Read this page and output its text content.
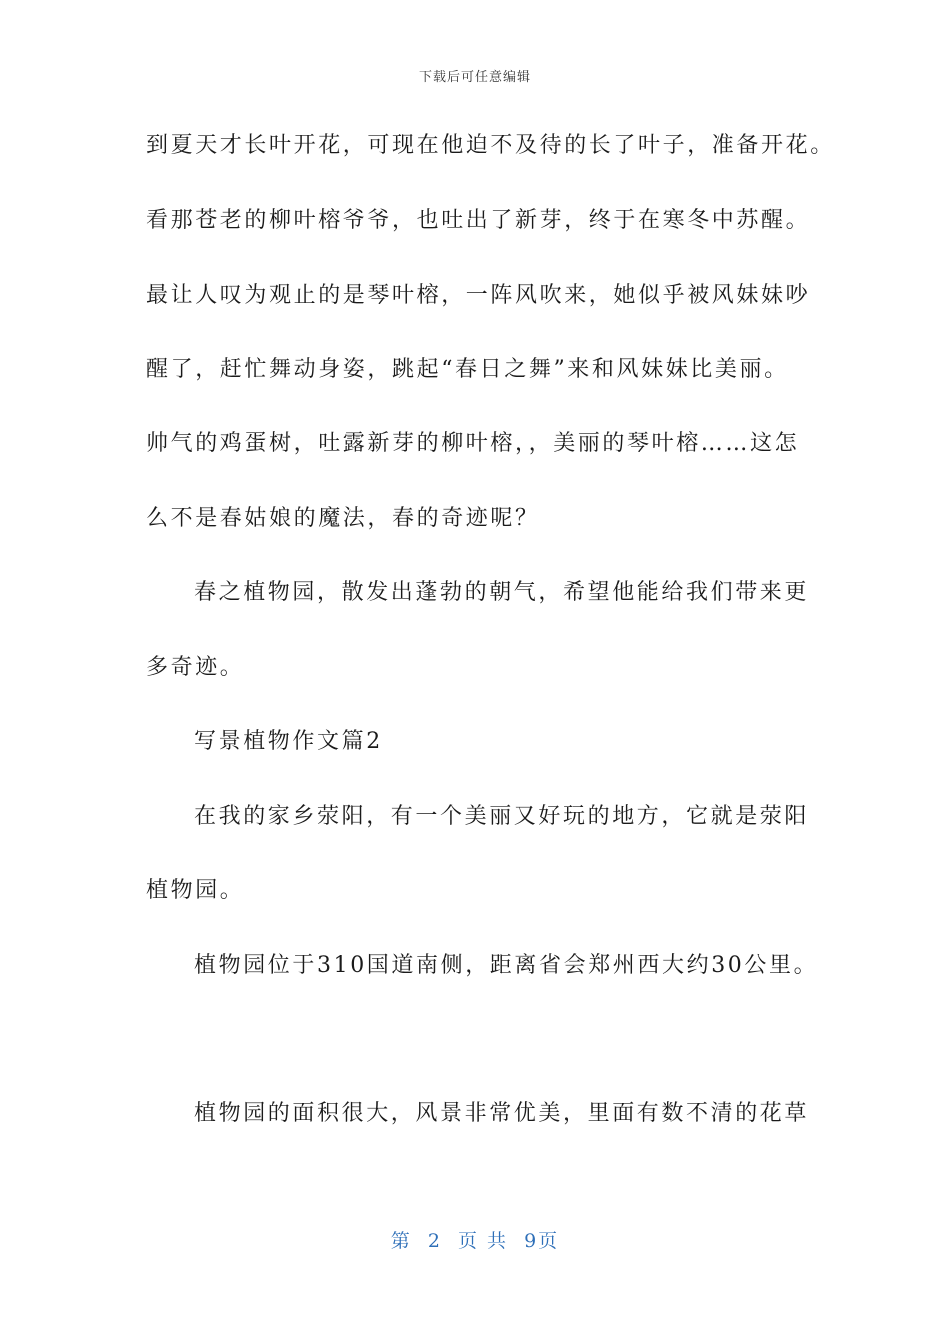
下载后可任意编辑
到夏天才长叶开花，可现在他迫不及待的长了叶子，准备开花。
看那苍老的柳叶榕爷爷，也吐出了新芽，终于在寒冬中苏醒。
最让人叹为观止的是琴叶榕，一阵风吹来，她似乎被风妹妹吵
醒了，赶忙舞动身姿，跳起“春日之舞”来和风妹妹比美丽。
帅气的鸡蛋树，吐露新芽的柳叶榕，，美丽的琴叶榕……这怎
么不是春姑娘的魔法，春的奇迹呢？
春之植物园，散发出蓬勃的朝气，希望他能给我们带来更
多奇迹。
写景植物作文篇2
在我的家乡荥阳，有一个美丽又好玩的地方，它就是荥阳
植物园。
植物园位于310国道南侧，距离省会郑州西大约30公里。
植物园的面积很大，风景非常优美，里面有数不清的花草
第 2 页 共 9页
